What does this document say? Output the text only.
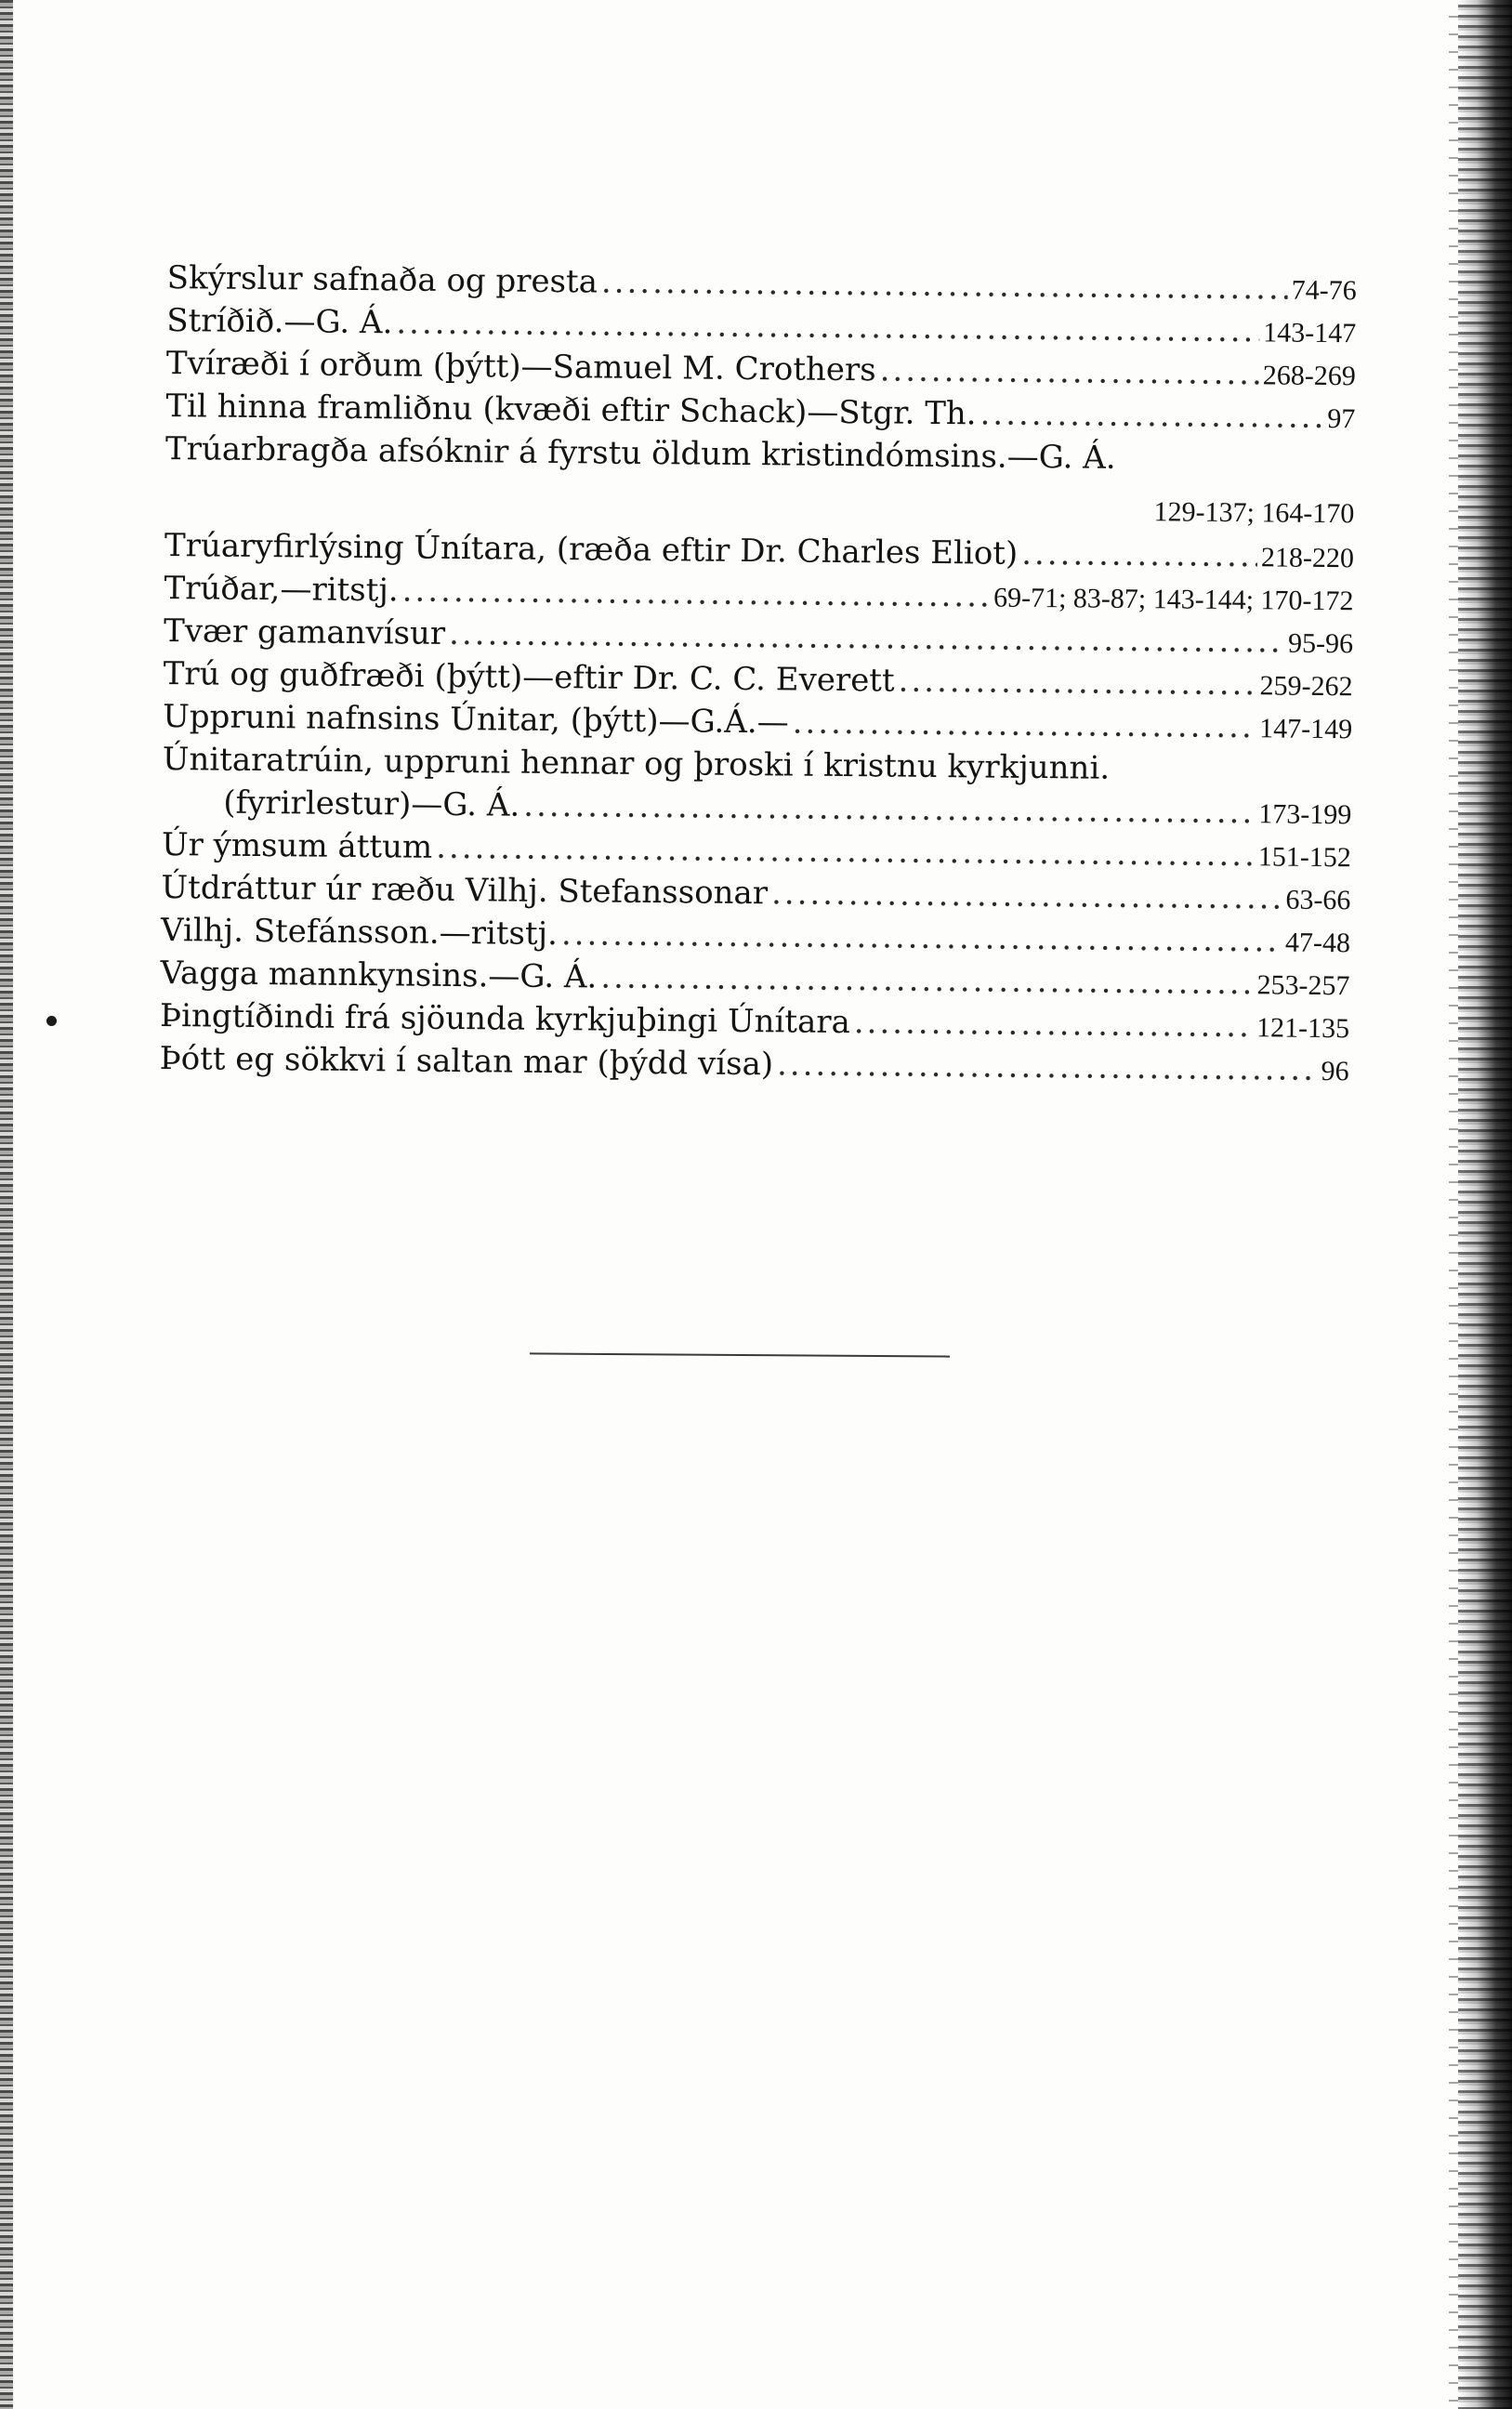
Skýrslur safnaða og presta .....	74-76
Stríðið.—G. Á. .....	143-147
Tvíræði í orðum (þýtt)—Samuel M. Crothers .....	268-269
Til hinna framliðnu (kvæði eftir Schack)—Stgr. Th. .....	97
Trúarbragða afsóknir á fyrstu öldum kristindómsins.—G. Á.
129-137; 164-170
Trúaryfirlýsing Únítara, (ræða eftir Dr. Charles Eliot) .....	218-220
Trúðar,—ritstj. .....	69-71; 83-87; 143-144; 170-172
Tvær gamanvísur .....	95-96
Trú og guðfræði (þýtt)—eftir Dr. C. C. Everett .....	259-262
Uppruni nafnsins Únitar, (þýtt)—G.Á.— .....	147-149
Únitaratrúin, uppruni hennar og þroski í kristnu kyrkjunni.
(fyrirlestur)—G. Á. .....	173-199
Úr ýmsum áttum .....	151-152
Útdráttur úr ræðu Vilhj. Stefanssonar .....	63-66
Vilhj. Stefánsson.—ritstj. .....	47-48
Vagga mannkynsins.—G. Á. .....	253-257
Þingtíðindi frá sjöunda kyrkjuþingi Únítara .....	121-135
Þótt eg sökkvi í saltan mar (þýdd vísa) .....	96
